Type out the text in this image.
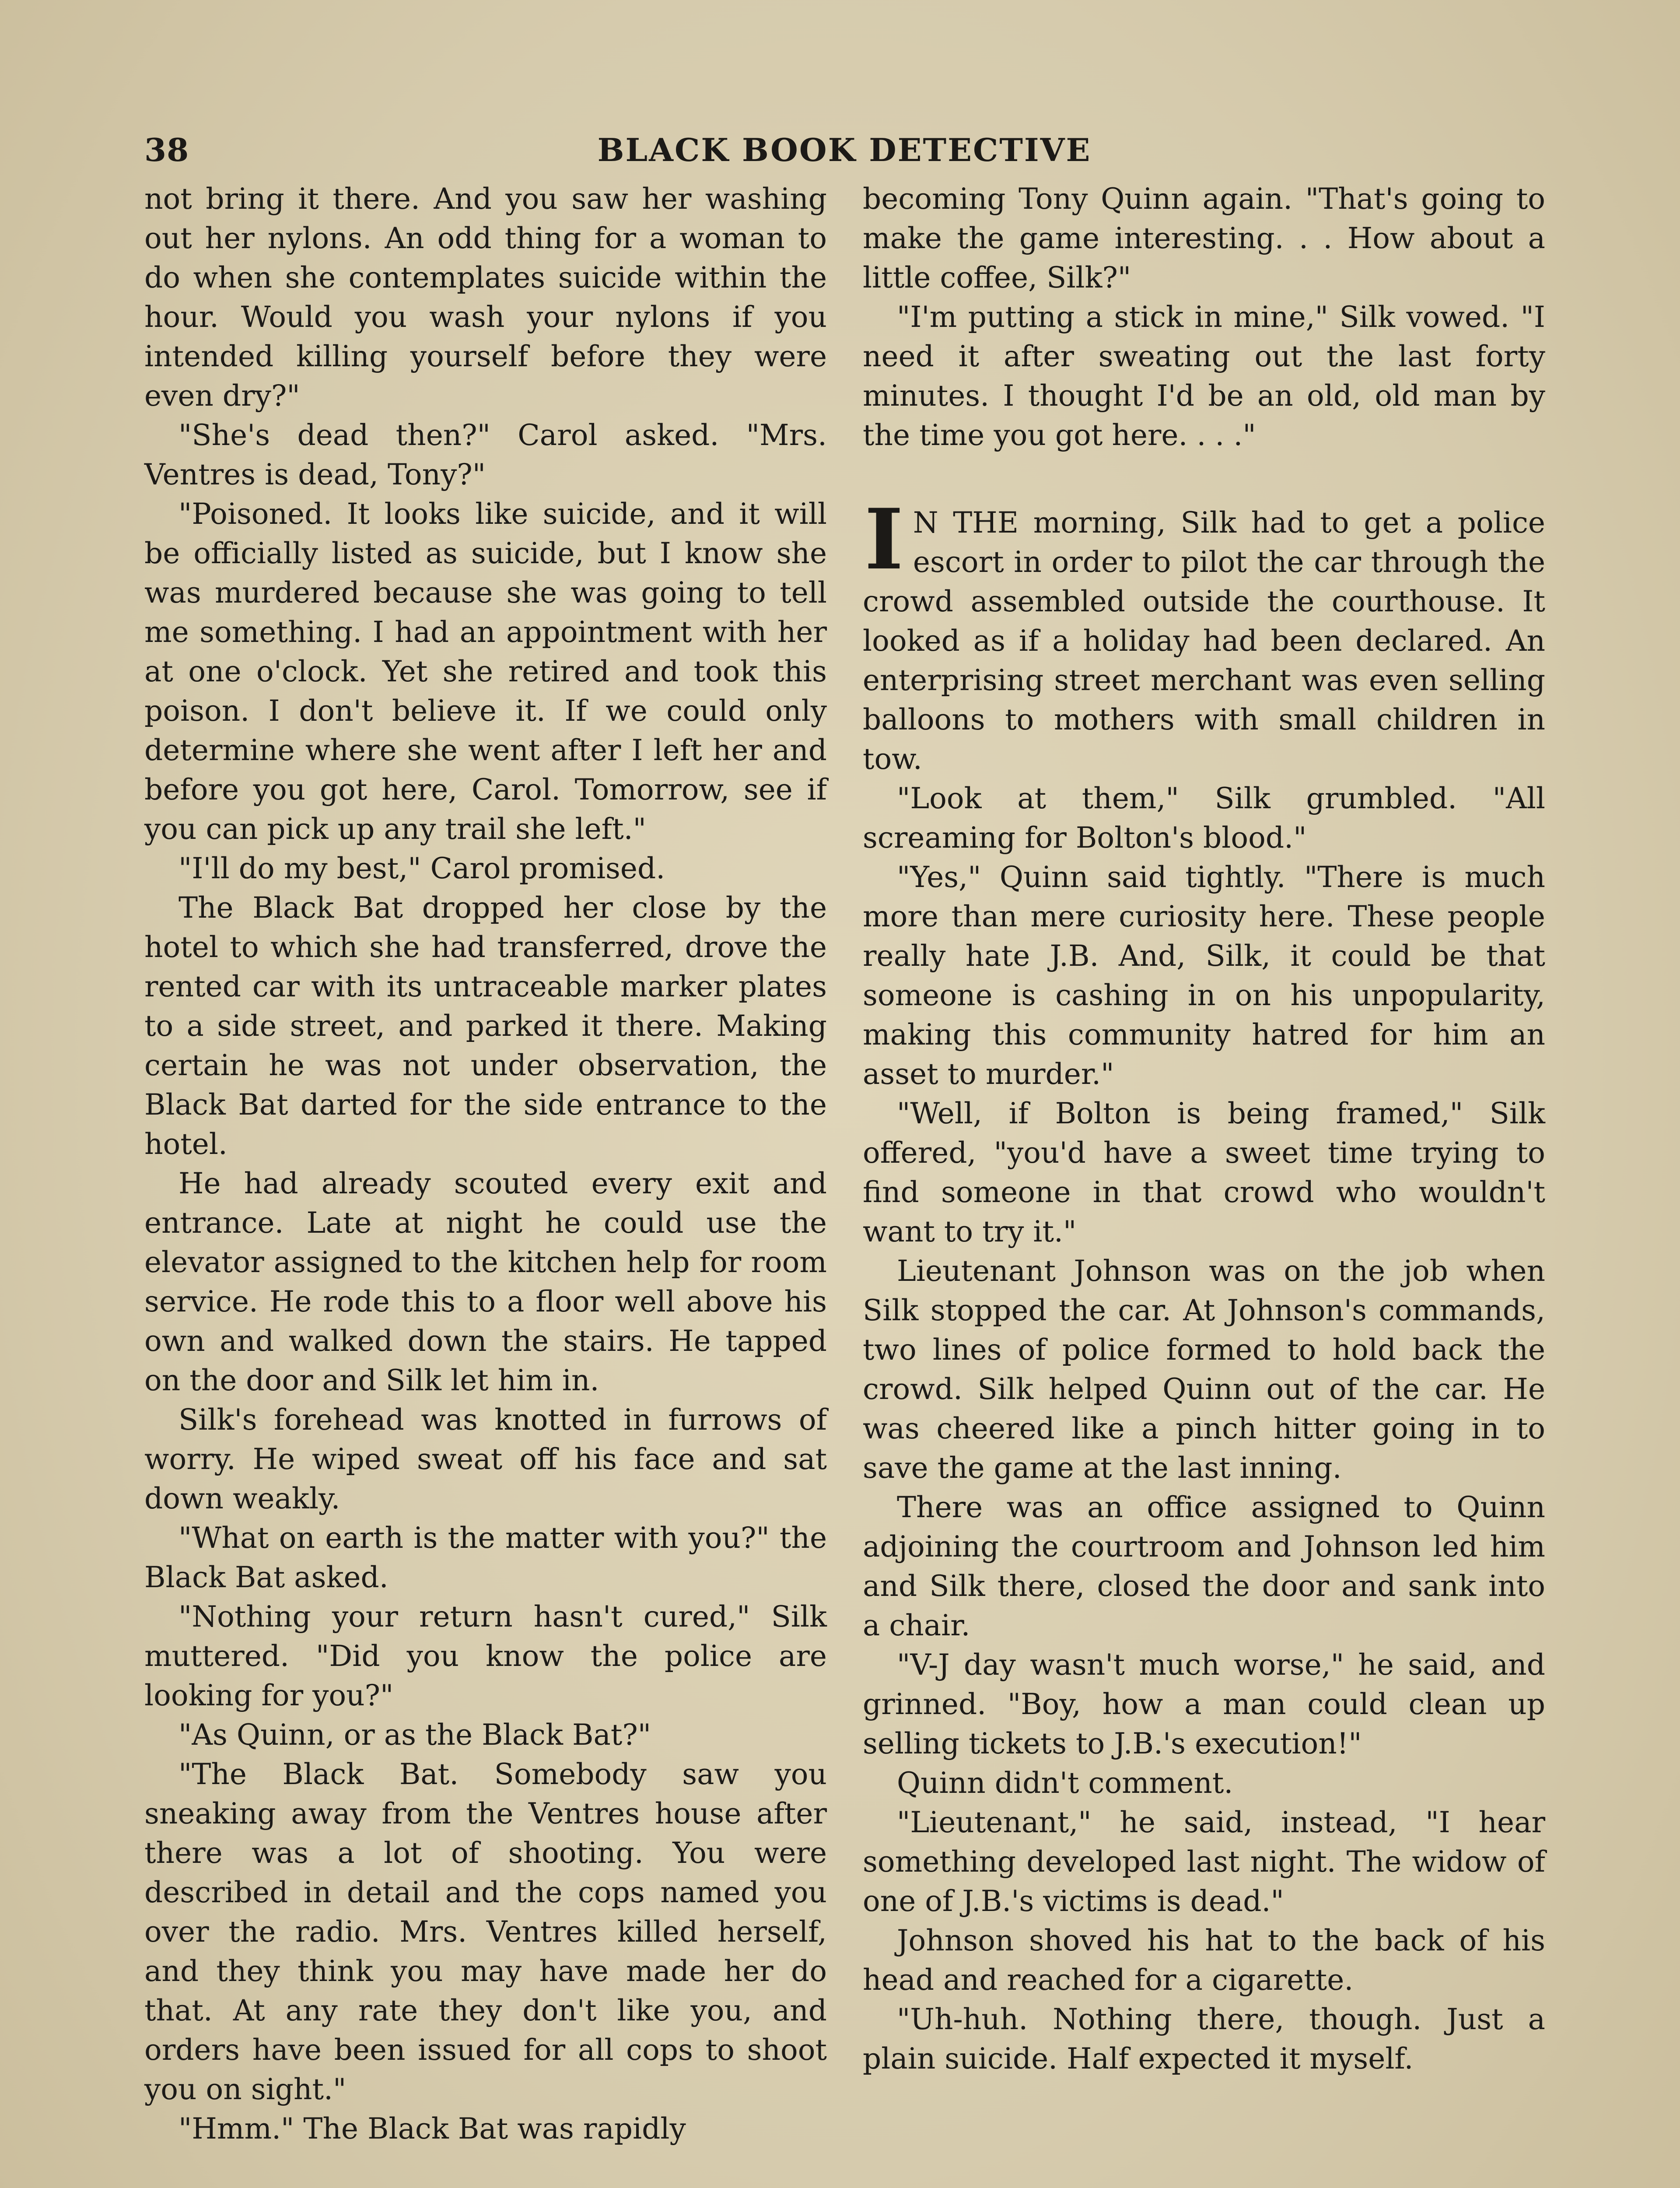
38	BLACK BOOK DETECTIVE

not bring it there. And you saw her washing out her nylons. An odd thing for a woman to do when she contemplates suicide within the hour. Would you wash your nylons if you intended killing yourself before they were even dry?"

"She's dead then?" Carol asked. "Mrs. Ventres is dead, Tony?"

"Poisoned. It looks like suicide, and it will be officially listed as suicide, but I know she was murdered because she was going to tell me something. I had an appointment with her at one o'clock. Yet she retired and took this poison. I don't believe it. If we could only determine where she went after I left her and before you got here, Carol. Tomorrow, see if you can pick up any trail she left."

"I'll do my best," Carol promised.

The Black Bat dropped her close by the hotel to which she had transferred, drove the rented car with its untraceable marker plates to a side street, and parked it there. Making certain he was not under observation, the Black Bat darted for the side entrance to the hotel.

He had already scouted every exit and entrance. Late at night he could use the elevator assigned to the kitchen help for room service. He rode this to a floor well above his own and walked down the stairs. He tapped on the door and Silk let him in.

Silk's forehead was knotted in furrows of worry. He wiped sweat off his face and sat down weakly.

"What on earth is the matter with you?" the Black Bat asked.

"Nothing your return hasn't cured," Silk muttered. "Did you know the police are looking for you?"

"As Quinn, or as the Black Bat?"

"The Black Bat. Somebody saw you sneaking away from the Ventres house after there was a lot of shooting. You were described in detail and the cops named you over the radio. Mrs. Ventres killed herself, and they think you may have made her do that. At any rate they don't like you, and orders have been issued for all cops to shoot you on sight."

"Hmm." The Black Bat was rapidly

becoming Tony Quinn again. "That's going to make the game interesting. . . How about a little coffee, Silk?"

"I'm putting a stick in mine," Silk vowed. "I need it after sweating out the last forty minutes. I thought I'd be an old, old man by the time you got here. . . ."

I N THE morning, Silk had to get a police escort in order to pilot the car through the crowd assembled outside the courthouse. It looked as if a holiday had been declared. An enterprising street merchant was even selling balloons to mothers with small children in tow.

"Look at them," Silk grumbled. "All screaming for Bolton's blood."

"Yes," Quinn said tightly. "There is much more than mere curiosity here. These people really hate J.B. And, Silk, it could be that someone is cashing in on his unpopularity, making this community hatred for him an asset to murder."

"Well, if Bolton is being framed," Silk offered, "you'd have a sweet time trying to find someone in that crowd who wouldn't want to try it."

Lieutenant Johnson was on the job when Silk stopped the car. At Johnson's commands, two lines of police formed to hold back the crowd. Silk helped Quinn out of the car. He was cheered like a pinch hitter going in to save the game at the last inning.

There was an office assigned to Quinn adjoining the courtroom and Johnson led him and Silk there, closed the door and sank into a chair.

"V-J day wasn't much worse," he said, and grinned. "Boy, how a man could clean up selling tickets to J.B.'s execution!"

Quinn didn't comment.

"Lieutenant," he said, instead, "I hear something developed last night. The widow of one of J.B.'s victims is dead."

Johnson shoved his hat to the back of his head and reached for a cigarette.

"Uh-huh. Nothing there, though. Just a plain suicide. Half expected it myself.
